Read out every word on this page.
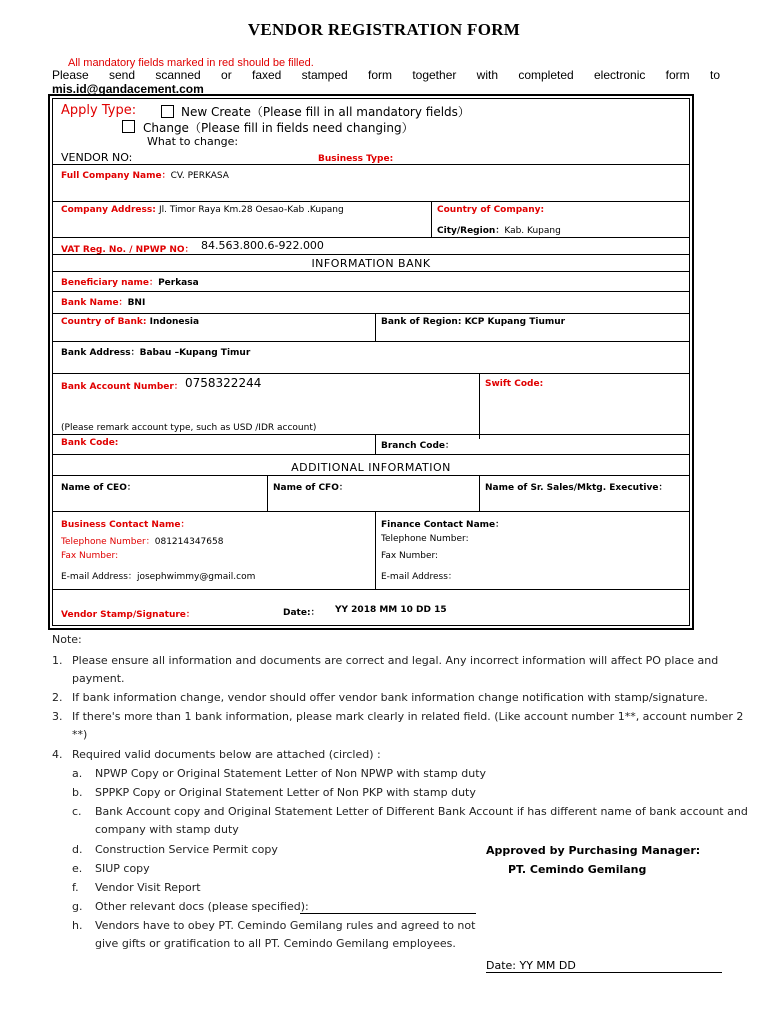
VENDOR REGISTRATION FORM
All mandatory fields marked in red should be filled.
Please send scanned or faxed stamped form together with completed electronic form to
mis.id@gandacement.com
Apply Type:	New Create（Please fill in all mandatory fields）
Change（Please fill in fields need changing）
What to change:
VENDOR NO:	Business Type:
Full Company Name：CV. PERKASA
Company Address: Jl. Timor Raya Km.28 Oesao-Kab .Kupang	Country of Company:
City/Region：Kab. Kupang
VAT Reg. No. / NPWP NO： 84.563.800.6-922.000
INFORMATION BANK
Beneficiary name：Perkasa
Bank Name：BNI
Country of Bank: Indonesia	Bank of Region: KCP Kupang Tiumur
Bank Address：Babau –Kupang Timur
Bank Account Number： 0758322244	Swift Code:
(Please remark account type, such as USD /IDR account)
Bank Code:	Branch Code：
ADDITIONAL INFORMATION
Name of CEO：	Name of CFO：	Name of Sr. Sales/Mktg. Executive：
Business Contact Name：
Telephone Number：081214347658
Fax Number:
E-mail Address：josephwimmy@gmail.com
Finance Contact Name：
Telephone Number:
Fax Number:
E-mail Address：
Vendor Stamp/Signature：	Date:： YY 2018 MM 10 DD 15
Note:
1. Please ensure all information and documents are correct and legal. Any incorrect information will affect PO place and
payment.
2. If bank information change, vendor should offer vendor bank information change notification with stamp/signature.
3. If there's more than 1 bank information, please mark clearly in related field. (Like account number 1**, account number 2
**)
4. Required valid documents below are attached (circled) :
a. NPWP Copy or Original Statement Letter of Non NPWP with stamp duty
b. SPPKP Copy or Original Statement Letter of Non PKP with stamp duty
c. Bank Account copy and Original Statement Letter of Different Bank Account if has different name of bank account and
company with stamp duty
d. Construction Service Permit copy
e. SIUP copy
f. Vendor Visit Report
g. Other relevant docs (please specified):
h. Vendors have to obey PT. Cemindo Gemilang rules and agreed to not
give gifts or gratification to all PT. Cemindo Gemilang employees.
Approved by Purchasing Manager:
PT. Cemindo Gemilang
Date: YY MM DD
